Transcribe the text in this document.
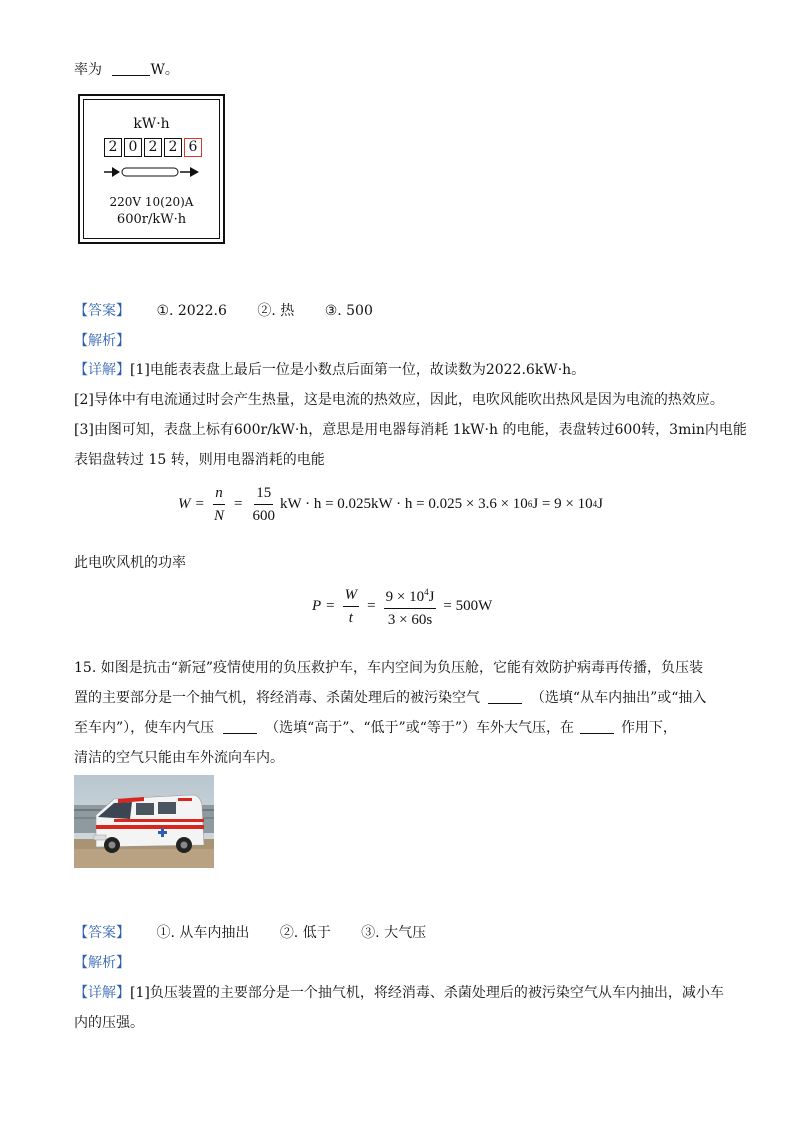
率为	W。
kW·h
2 0 2 2 6
220V 10(20)A
600r/kW·h
【答案】 ①. 2022.6 ②. 热 ③. 500
【解析】
【详解】[1]电能表表盘上最后一位是小数点后面第一位，故读数为2022.6kW·h。
[2]导体中有电流通过时会产生热量，这是电流的热效应，因此，电吹风能吹出热风是因为电流的热效应。
[3]由图可知，表盘上标有600r/kW·h，意思是用电器每消耗 1kW·h 的电能，表盘转过600转，3min内电能
表铝盘转过 15 转，则用电器消耗的电能
$W = \frac{n}{N} = \frac{15}{600}$ kW · h = 0.025kW · h = 0.025 × 3.6 × 10 6 J = 9 × 10 4 J
此电吹风机的功率
$P = \frac{W}{t} = \frac{9 \times 10^4J}{3 \times 60s} = 500W$
15. 如图是抗击“新冠”疫情使用的负压救护车，车内空间为负压舱，它能有效防护病毒再传播，负压装
置的主要部分是一个抽气机，将经消毒、杀菌处理后的被污染空气	（选填“从车内抽出”或“抽入
至车内”），使车内气压	（选填“高于”、“低于”或“等于”）车外大气压，在	作用下，
清洁的空气只能由车外流向车内。
【答案】 ①. 从车内抽出 ②. 低于 ③. 大气压
【解析】
【详解】[1]负压装置的主要部分是一个抽气机，将经消毒、杀菌处理后的被污染空气从车内抽出，减小车
内的压强。
